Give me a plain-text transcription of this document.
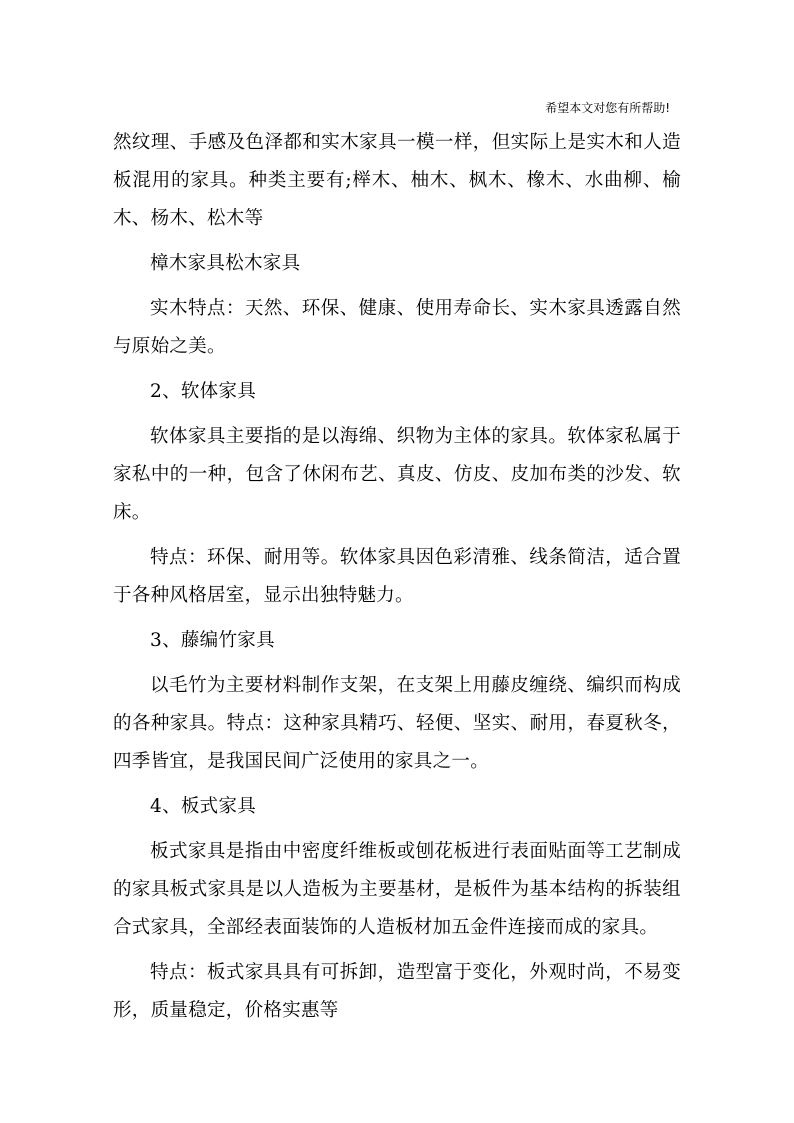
希望本文对您有所帮助!

然纹理、手感及色泽都和实木家具一模一样，但实际上是实木和人造板混用的家具。种类主要有;榉木、柚木、枫木、橡木、水曲柳、榆木、杨木、松木等

樟木家具松木家具

实木特点：天然、环保、健康、使用寿命长、实木家具透露自然与原始之美。

2、软体家具

软体家具主要指的是以海绵、织物为主体的家具。软体家私属于家私中的一种，包含了休闲布艺、真皮、仿皮、皮加布类的沙发、软床。

特点：环保、耐用等。软体家具因色彩清雅、线条简洁，适合置于各种风格居室，显示出独特魅力。

3、藤编竹家具

以毛竹为主要材料制作支架，在支架上用藤皮缠绕、编织而构成的各种家具。特点：这种家具精巧、轻便、坚实、耐用，春夏秋冬，四季皆宜，是我国民间广泛使用的家具之一。

4、板式家具

板式家具是指由中密度纤维板或刨花板进行表面贴面等工艺制成的家具板式家具是以人造板为主要基材，是板件为基本结构的拆装组合式家具，全部经表面装饰的人造板材加五金件连接而成的家具。

特点：板式家具具有可拆卸，造型富于变化，外观时尚，不易变形，质量稳定，价格实惠等
